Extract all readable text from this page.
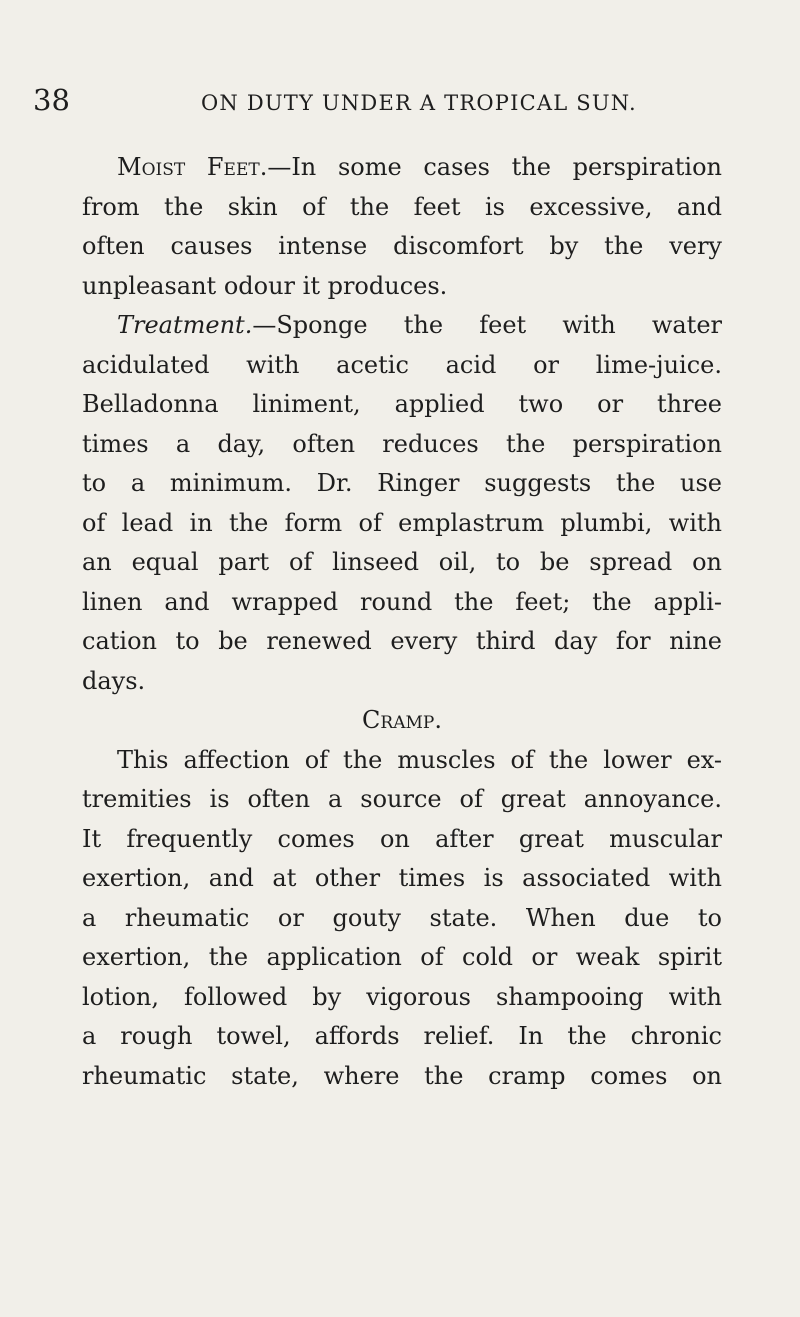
38	ON DUTY UNDER A TROPICAL SUN.
Moist Feet.—In some cases the perspiration
from the skin of the feet is excessive, and
often causes intense discomfort by the very
unpleasant odour it produces.
Treatment.—Sponge the feet with water
acidulated with acetic acid or lime-juice.
Belladonna liniment, applied two or three
times a day, often reduces the perspiration
to a minimum. Dr. Ringer suggests the use
of lead in the form of emplastrum plumbi, with
an equal part of linseed oil, to be spread on
linen and wrapped round the feet; the appli-
cation to be renewed every third day for nine
days.
Cramp.
This affection of the muscles of the lower ex-
tremities is often a source of great annoyance.
It frequently comes on after great muscular
exertion, and at other times is associated with
a rheumatic or gouty state. When due to
exertion, the application of cold or weak spirit
lotion, followed by vigorous shampooing with
a rough towel, affords relief. In the chronic
rheumatic state, where the cramp comes on
